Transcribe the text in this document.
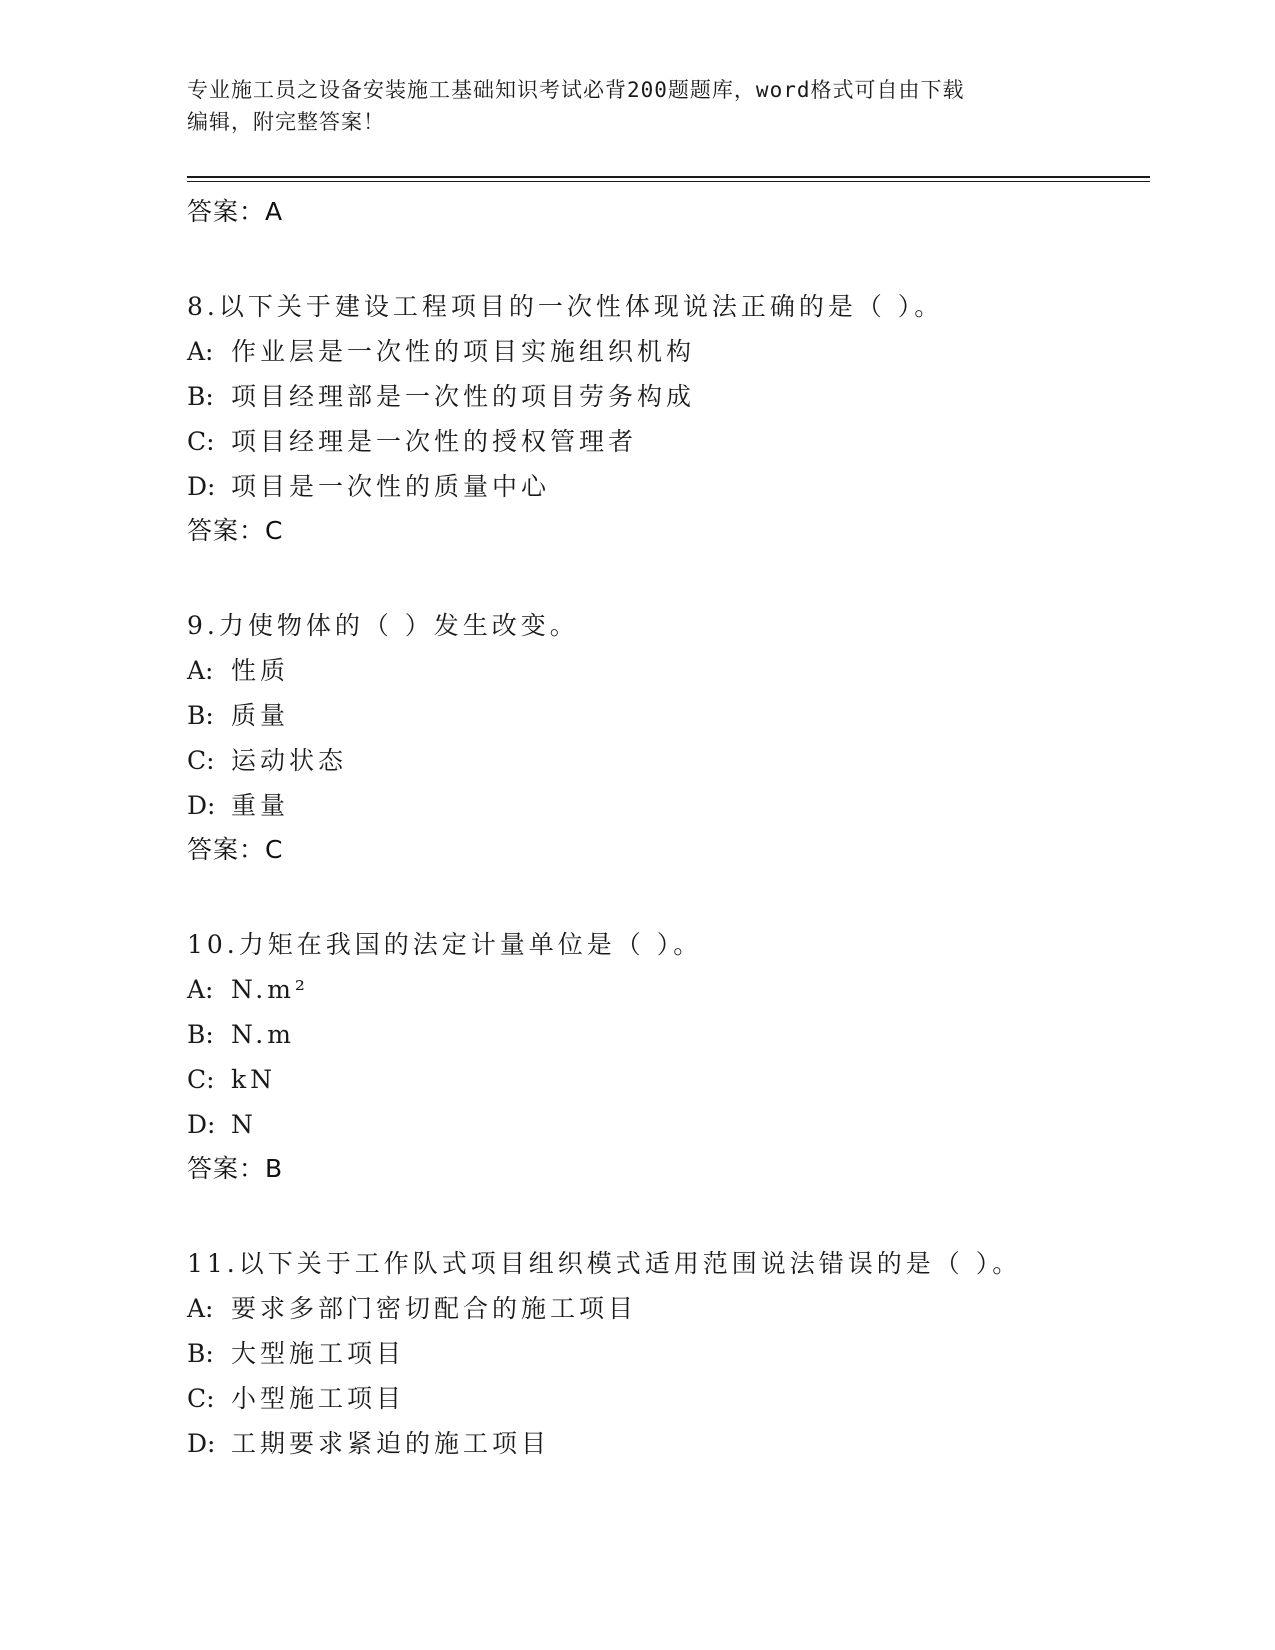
专业施工员之设备安装施工基础知识考试必背200题题库，word格式可自由下载
编辑，附完整答案！
答案：A
8.以下关于建设工程项目的一次性体现说法正确的是（ ）。
A: 作业层是一次性的项目实施组织机构
B: 项目经理部是一次性的项目劳务构成
C: 项目经理是一次性的授权管理者
D: 项目是一次性的质量中心
答案：C
9.力使物体的（ ）发生改变。
A: 性质
B: 质量
C: 运动状态
D: 重量
答案：C
10.力矩在我国的法定计量单位是（ ）。
A: N.m²
B: N.m
C: kN
D: N
答案：B
11.以下关于工作队式项目组织模式适用范围说法错误的是（ ）。
A: 要求多部门密切配合的施工项目
B: 大型施工项目
C: 小型施工项目
D: 工期要求紧迫的施工项目
